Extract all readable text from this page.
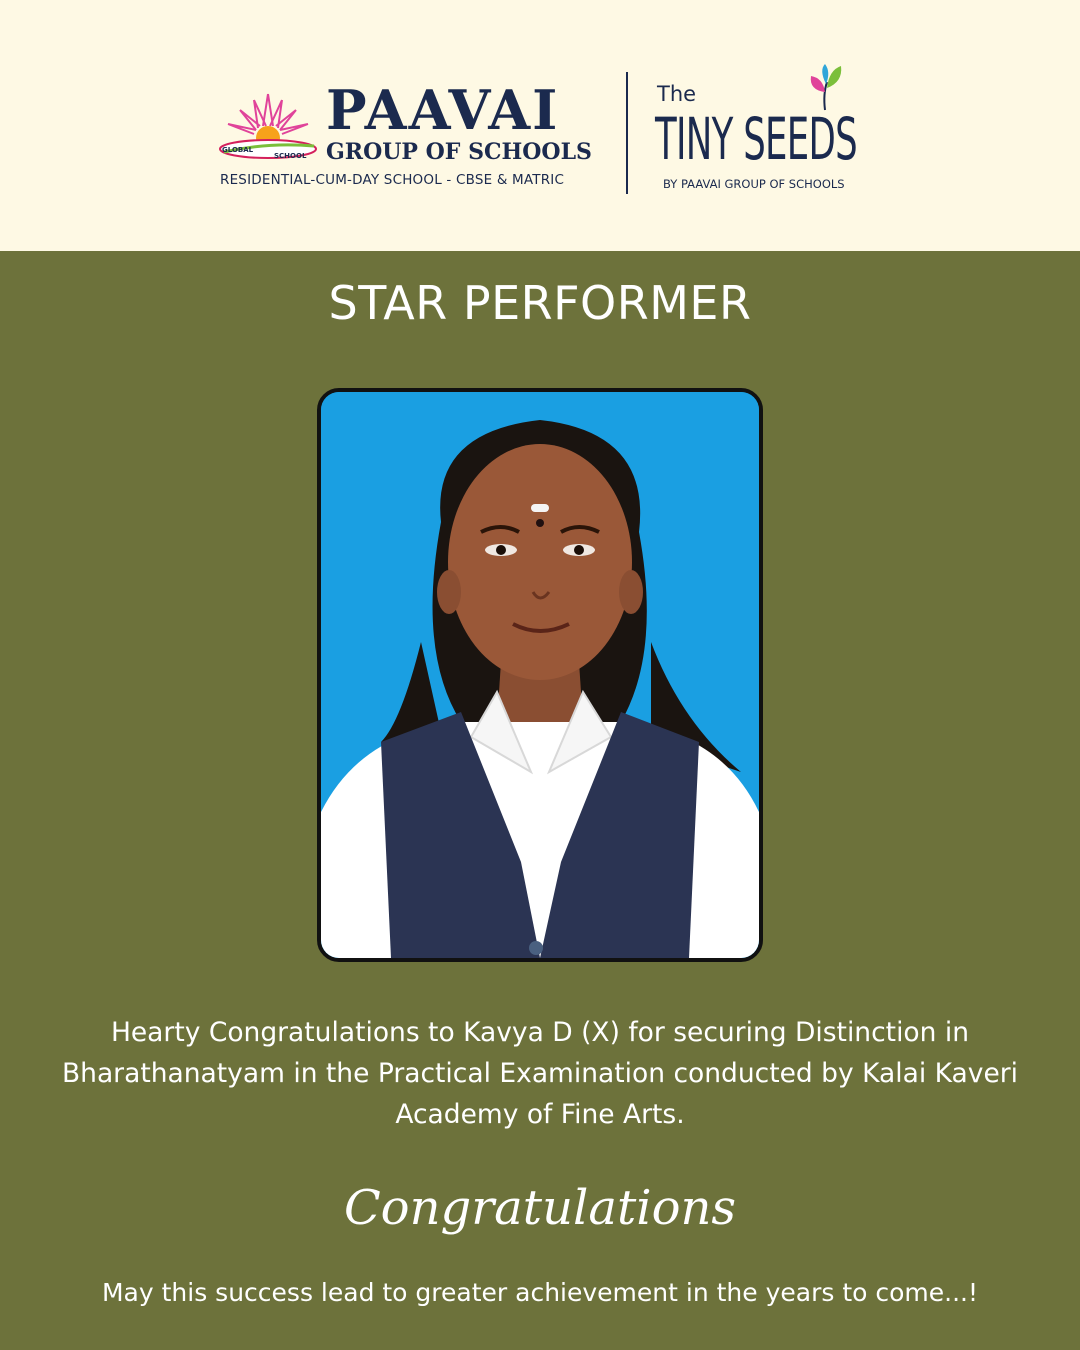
GLOBAL
SCHOOL
PAAVAI
GROUP OF SCHOOLS
RESIDENTIAL-CUM-DAY SCHOOL - CBSE & MATRIC
The
TINY SEEDS
BY PAAVAI GROUP OF SCHOOLS
STAR PERFORMER
Hearty Congratulations to Kavya D (X) for securing Distinction in Bharathanatyam in the Practical Examination conducted by Kalai Kaveri Academy of Fine Arts.
Congratulations
May this success lead to greater achievement in the years to come...!
